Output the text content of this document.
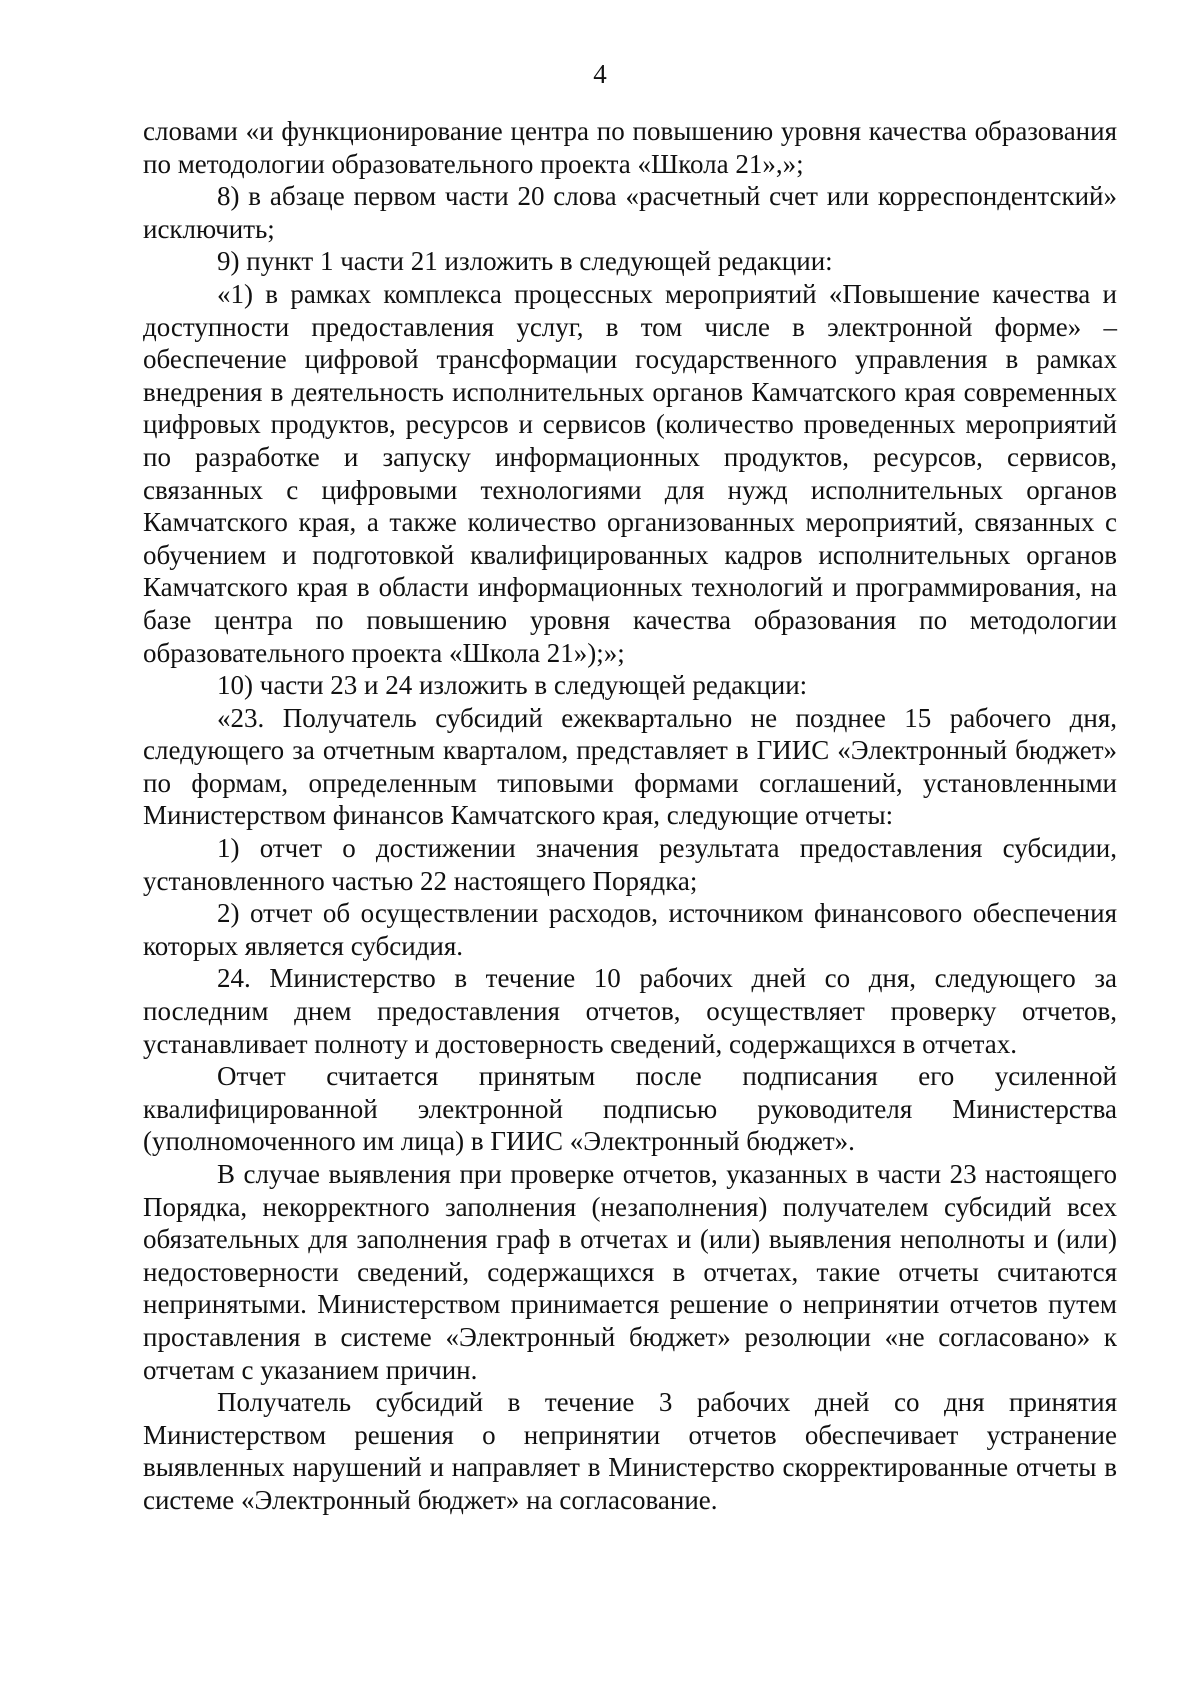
4

словами «и функционирование центра по повышению уровня качества образования по методологии образовательного проекта «Школа 21»,»;

8) в абзаце первом части 20 слова «расчетный счет или корреспондентский» исключить;

9) пункт 1 части 21 изложить в следующей редакции:

«1) в рамках комплекса процессных мероприятий «Повышение качества и доступности предоставления услуг, в том числе в электронной форме» – обеспечение цифровой трансформации государственного управления в рамках внедрения в деятельность исполнительных органов Камчатского края современных цифровых продуктов, ресурсов и сервисов (количество проведенных мероприятий по разработке и запуску информационных продуктов, ресурсов, сервисов, связанных с цифровыми технологиями для нужд исполнительных органов Камчатского края, а также количество организованных мероприятий, связанных с обучением и подготовкой квалифицированных кадров исполнительных органов Камчатского края в области информационных технологий и программирования, на базе центра по повышению уровня качества образования по методологии образовательного проекта «Школа 21»);»;

10) части 23 и 24 изложить в следующей редакции:

«23. Получатель субсидий ежеквартально не позднее 15 рабочего дня, следующего за отчетным кварталом, представляет в ГИИС «Электронный бюджет» по формам, определенным типовыми формами соглашений, установленными Министерством финансов Камчатского края, следующие отчеты:

1) отчет о достижении значения результата предоставления субсидии, установленного частью 22 настоящего Порядка;

2) отчет об осуществлении расходов, источником финансового обеспечения которых является субсидия.

24. Министерство в течение 10 рабочих дней со дня, следующего за последним днем предоставления отчетов, осуществляет проверку отчетов, устанавливает полноту и достоверность сведений, содержащихся в отчетах.

Отчет считается принятым после подписания его усиленной квалифицированной электронной подписью руководителя Министерства (уполномоченного им лица) в ГИИС «Электронный бюджет».

В случае выявления при проверке отчетов, указанных в части 23 настоящего Порядка, некорректного заполнения (незаполнения) получателем субсидий всех обязательных для заполнения граф в отчетах и (или) выявления неполноты и (или) недостоверности сведений, содержащихся в отчетах, такие отчеты считаются непринятыми. Министерством принимается решение о непринятии отчетов путем проставления в системе «Электронный бюджет» резолюции «не согласовано» к отчетам с указанием причин.

Получатель субсидий в течение 3 рабочих дней со дня принятия Министерством решения о непринятии отчетов обеспечивает устранение выявленных нарушений и направляет в Министерство скорректированные отчеты в системе «Электронный бюджет» на согласование.
